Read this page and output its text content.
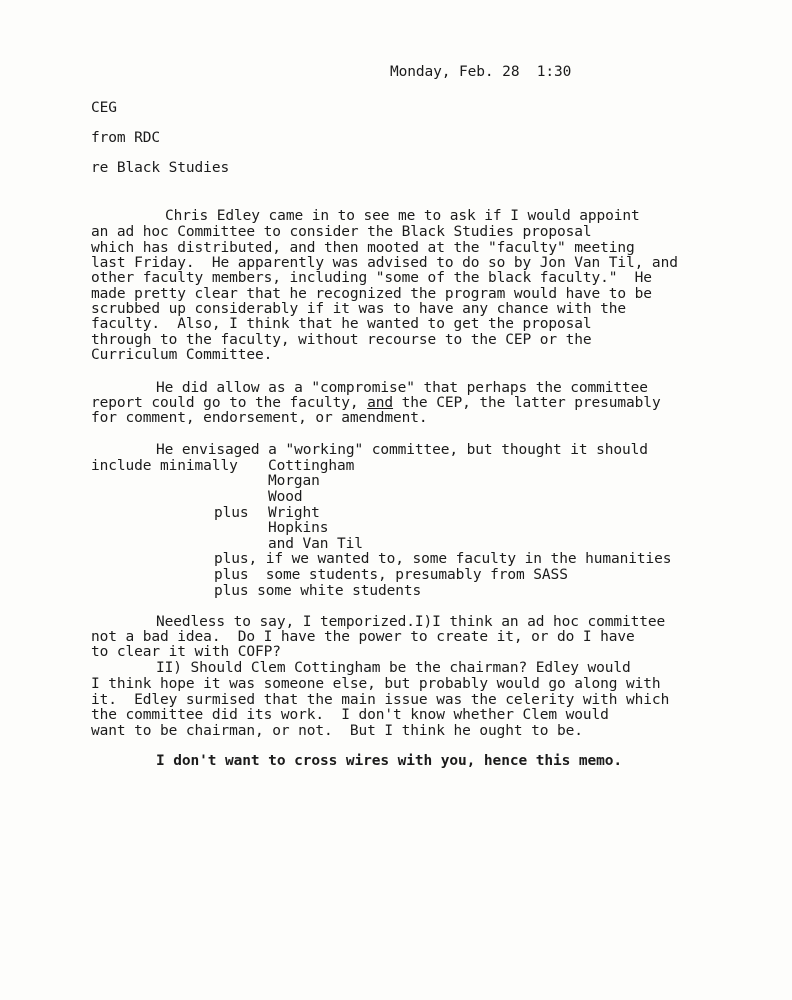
Monday, Feb. 28  1:30
CEG
from RDC
re Black Studies
Chris Edley came in to see me to ask if I would appoint
an ad hoc Committee to consider the Black Studies proposal
which has distributed, and then mooted at the "faculty" meeting
last Friday.  He apparently was advised to do so by Jon Van Til, and
other faculty members, including "some of the black faculty."  He
made pretty clear that he recognized the program would have to be
scrubbed up considerably if it was to have any chance with the
faculty.  Also, I think that he wanted to get the proposal
through to the faculty, without recourse to the CEP or the
Curriculum Committee.
He did allow as a "compromise" that perhaps the committee
report could go to the faculty, and the CEP, the latter presumably
for comment, endorsement, or amendment.
He envisaged a "working" committee, but thought it should
include minimally Cottingham
Morgan
Wood
plus Wright
Hopkins
and Van Til
plus, if we wanted to, some faculty in the humanities
plus  some students, presumably from SASS
plus some white students
Needless to say, I temporized.I)I think an ad hoc committee
not a bad idea.  Do I have the power to create it, or do I have
to clear it with COFP?
II) Should Clem Cottingham be the chairman? Edley would
I think hope it was someone else, but probably would go along with
it.  Edley surmised that the main issue was the celerity with which
the committee did its work.  I don't know whether Clem would
want to be chairman, or not.  But I think he ought to be.
I don't want to cross wires with you, hence this memo.
